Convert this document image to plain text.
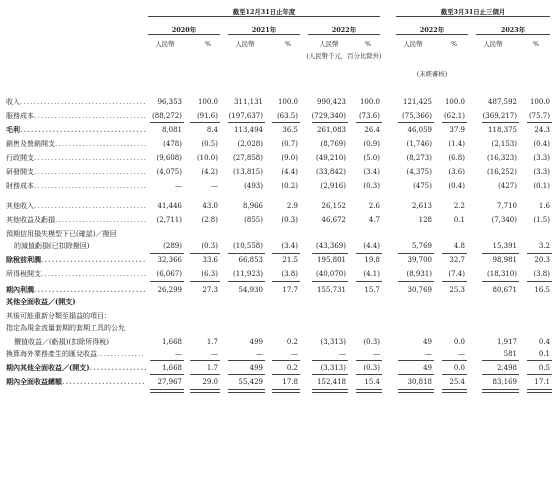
截至12月31日止年度	截至3月31日止三個月
2020年	2021年	2022年	2022年	2023年
人民幣	%	人民幣	%	人民幣	%	人民幣	%	人民幣	%
(人民幣千元，百分比除外)
(未經審核)
收入 .....	96,353 100.0 311,131 100.0	990,423 100.0	121,425 100.0	487,592 100.0
服務成本 .....	(88,272) (91.6) (197,637) (63.5) (729,340) (73.6)	(75,366) (62.1)	(369,217) (75.7)
毛利 .....	8,081	8.4 113,494	36.5	261,083	26.4	46,059 37.9	118,375 24.3
銷售及營銷開支 .....	(478)	(0.5)	(2,028)	(0.7)	(8,769) (0.9)	(1,746) (1.4)	(2,153) (0.4)
行政開支 .....	(9,608) (10.0) (27,858)	(9.0)	(49,210) (5.0)	(8,273) (6.8)	(16,323) (3.3)
研發開支 .....	(4,075)	(4.2) (13,815)	(4.4)	(33,842) (3.4)	(4,375) (3.6)	(16,252) (3.3)
財務成本 .....	—	—	(493)	(0.2)	(2,916) (0.3)	(475) (0.4)	(427) (0.1)
其他收入 .....	41,446	43.0	8,966	2.9	26,152	2.6	2,613	2.2	7,710	1.6
其他收益及虧損 .....	(2,711)	(2.8)	(855)	(0.3)	46,672	4.7	128	0.1	(7,340) (1.5)
預期信用損失模型下已(確認)／撥回
的減值虧損(已扣除撥回)	(289)	(0.3) (10,558)	(3.4)	(43,369) (4.4)	5,769	4.8	15,391	3.2
除稅前利潤 .....	32,366	33.6	66,853	21.5	195,801	19.8	39,700 32.7	98,981 20.3
所得稅開支 .....	(6,067)	(6.3) (11,923)	(3.8)	(40,070) (4.1)	(8,931) (7.4)	(18,310) (3.8)
期內利潤 .....	26,299	27.3	54,930	17.7	155,731	15.7	30,769 25.3	80,671 16.5
其他全面收益／(開支)
其後可能重新分類至損益的項目：
指定為現金流量套期的套期工具的公允
價值收益／(虧損)(扣除所得稅)	1,668	1.7	499	0.2	(3,313) (0.3)	49	0.0	1,917	0.4
換算海外業務產生的匯兌收益 .....	—	—	—	—	—	—	—	—	581	0.1
期內其他全面收益／(開支) .....	1,668	1.7	499	0.2	(3,313) (0.3)	49	0.0	2,498	0.5
期內全面收益總額 .....	27,967	29.0	55,429	17.8	152,418	15.4	30,818 25.4	83,169 17.1
